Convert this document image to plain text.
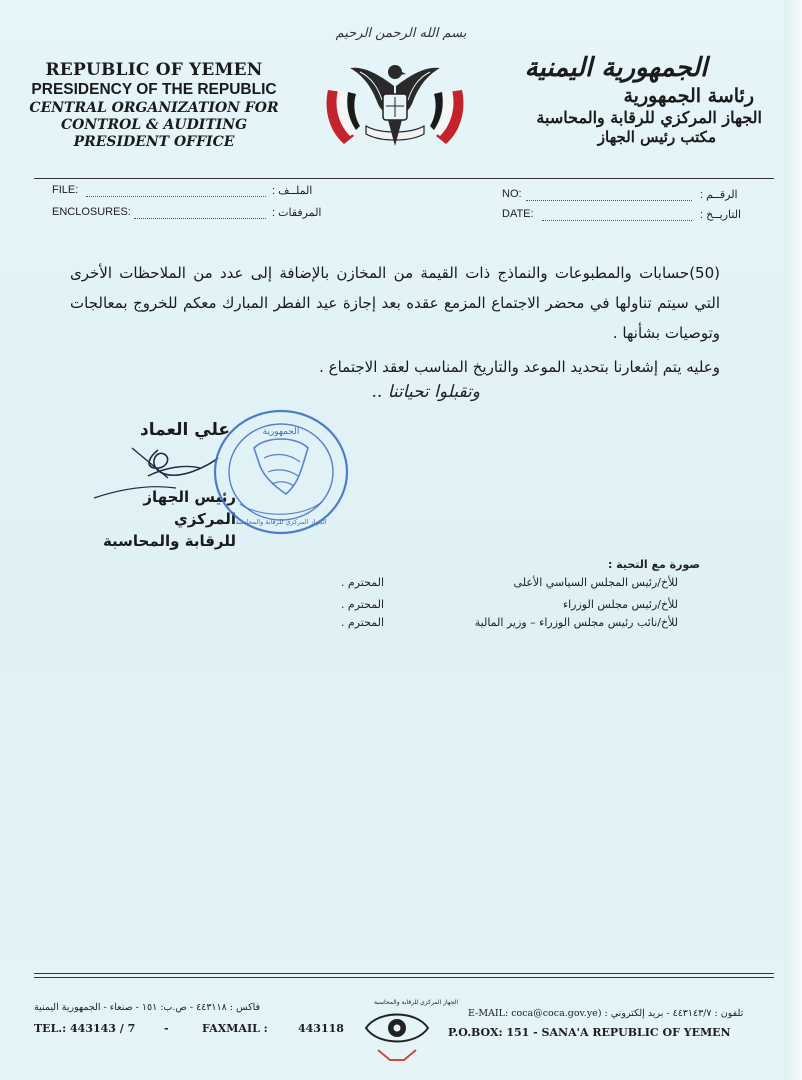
بسم الله الرحمن الرحيم
REPUBLIC OF YEMEN
PRESIDENCY OF THE REPUBLIC
CENTRAL ORGANIZATION FOR
CONTROL & AUDITING
PRESIDENT OFFICE
الجمهورية اليمنية
رئاسة الجمهورية
الجهاز المركزي للرقابة والمحاسبة
مكتب رئيس الجهاز
FILE:	الملــف :
ENCLOSURES:	المرفقات :
NO:	الرقــم :
DATE:	التاريــخ :

(50)حسابات والمطبوعات والنماذج ذات القيمة من المخازن بالإضافة إلى عدد من الملاحظات الأخرى التي سيتم تناولها في محضر الاجتماع المزمع عقده بعد إجازة عيد الفطر المبارك معكم للخروج بمعالجات وتوصيات بشأنها .

وعليه يتم إشعارنا بتحديد الموعد والتاريخ المناسب لعقد الاجتماع .

وتقبلوا تحياتنا ..
علي العماد
رئيس الجهاز المركزي
للرقابة والمحاسبة
الجمهورية
الجهاز المركزي للرقابة والمحاسبة
صورة مع التحية :
للأخ/رئيس المجلس السياسي الأعلى
المحترم .
للأخ/رئيس مجلس الوزراء
المحترم .
للأخ/نائب رئيس مجلس الوزراء – وزير المالية
المحترم .
تلفون : ٤٤٣١٤٣/٧ - بريد إلكتروني : (E-MAIL: coca@coca.gov.ye
فاكس : ٤٤٣١١٨ - ص.ب: ١٥١ - صنعاء - الجمهورية اليمنية
TEL.: 443143 / 7	-	FAXMAIL :	443118	P.O.BOX: 151 - SANA'A REPUBLIC OF YEMEN
الجهاز المركزي للرقابة والمحاسبة
